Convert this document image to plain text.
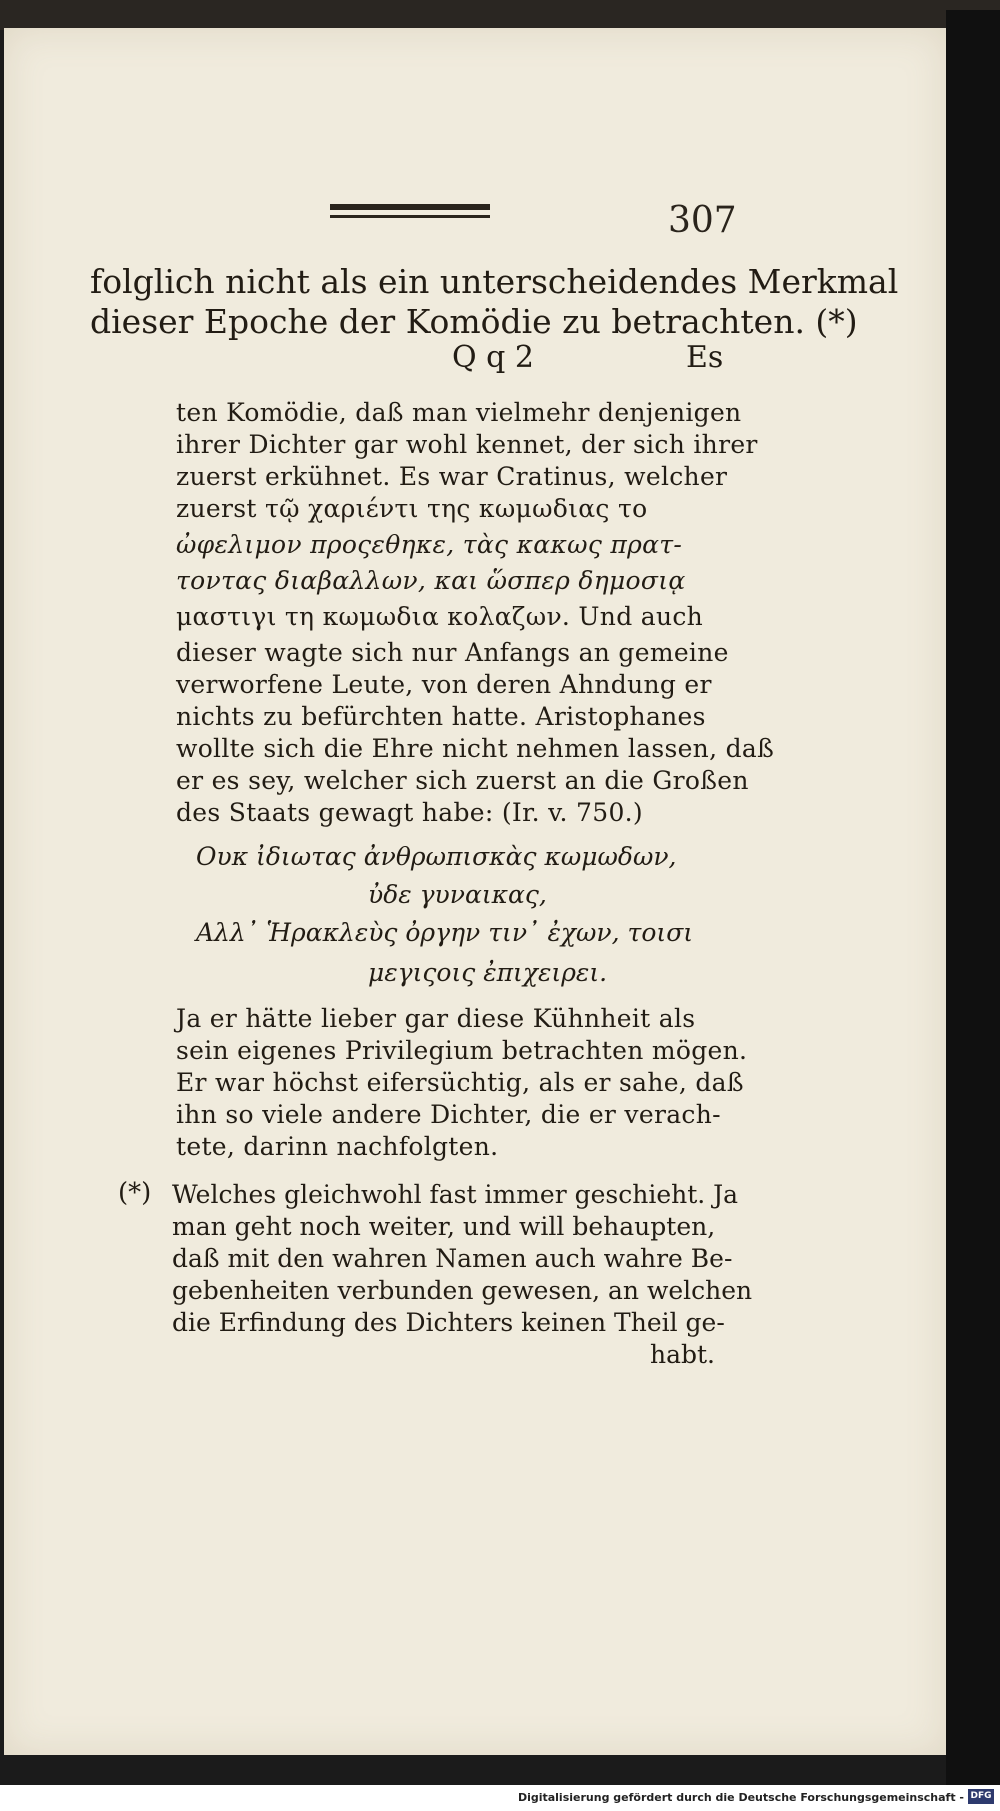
307
folglich nicht als ein unterscheidendes Merkmal
dieser Epoche der Komödie zu betrachten. (*)
Q q 2	Es
ten Komödie, daß man vielmehr denjenigen
ihrer Dichter gar wohl kennet, der sich ihrer
zuerst erkühnet. Es war Cratinus, welcher
zuerst τῷ χαριέντι της κωμωδιας το
ὠφελιμον προςεθηκε, τὰς κακως πρατ-
τοντας διαβαλλων, και ὥσπερ δημοσιᾳ
μαστιγι τη κωμωδια κολαζων. Und auch
dieser wagte sich nur Anfangs an gemeine
verworfene Leute, von deren Ahndung er
nichts zu befürchten hatte. Aristophanes
wollte sich die Ehre nicht nehmen lassen, daß
er es sey, welcher sich zuerst an die Großen
des Staats gewagt habe: (Ir. v. 750.)
Ουκ ἰδιωτας ἀνθρωπισκὰς κωμωδων,
ὐδε γυναικας,
Αλλ᾽ Ἡρακλεὺς ὀργην τιν᾽ ἐχων, τοισι
μεγιςοις ἐπιχειρει.
Ja er hätte lieber gar diese Kühnheit als
sein eigenes Privilegium betrachten mögen.
Er war höchst eifersüchtig, als er sahe, daß
ihn so viele andere Dichter, die er verach-
tete, darinn nachfolgten.
(*) Welches gleichwohl fast immer geschieht. Ja
man geht noch weiter, und will behaupten,
daß mit den wahren Namen auch wahre Be-
gebenheiten verbunden gewesen, an welchen
die Erfindung des Dichters keinen Theil ge-
habt.
Digitalisierung gefördert durch die Deutsche Forschungsgemeinschaft - DFG
